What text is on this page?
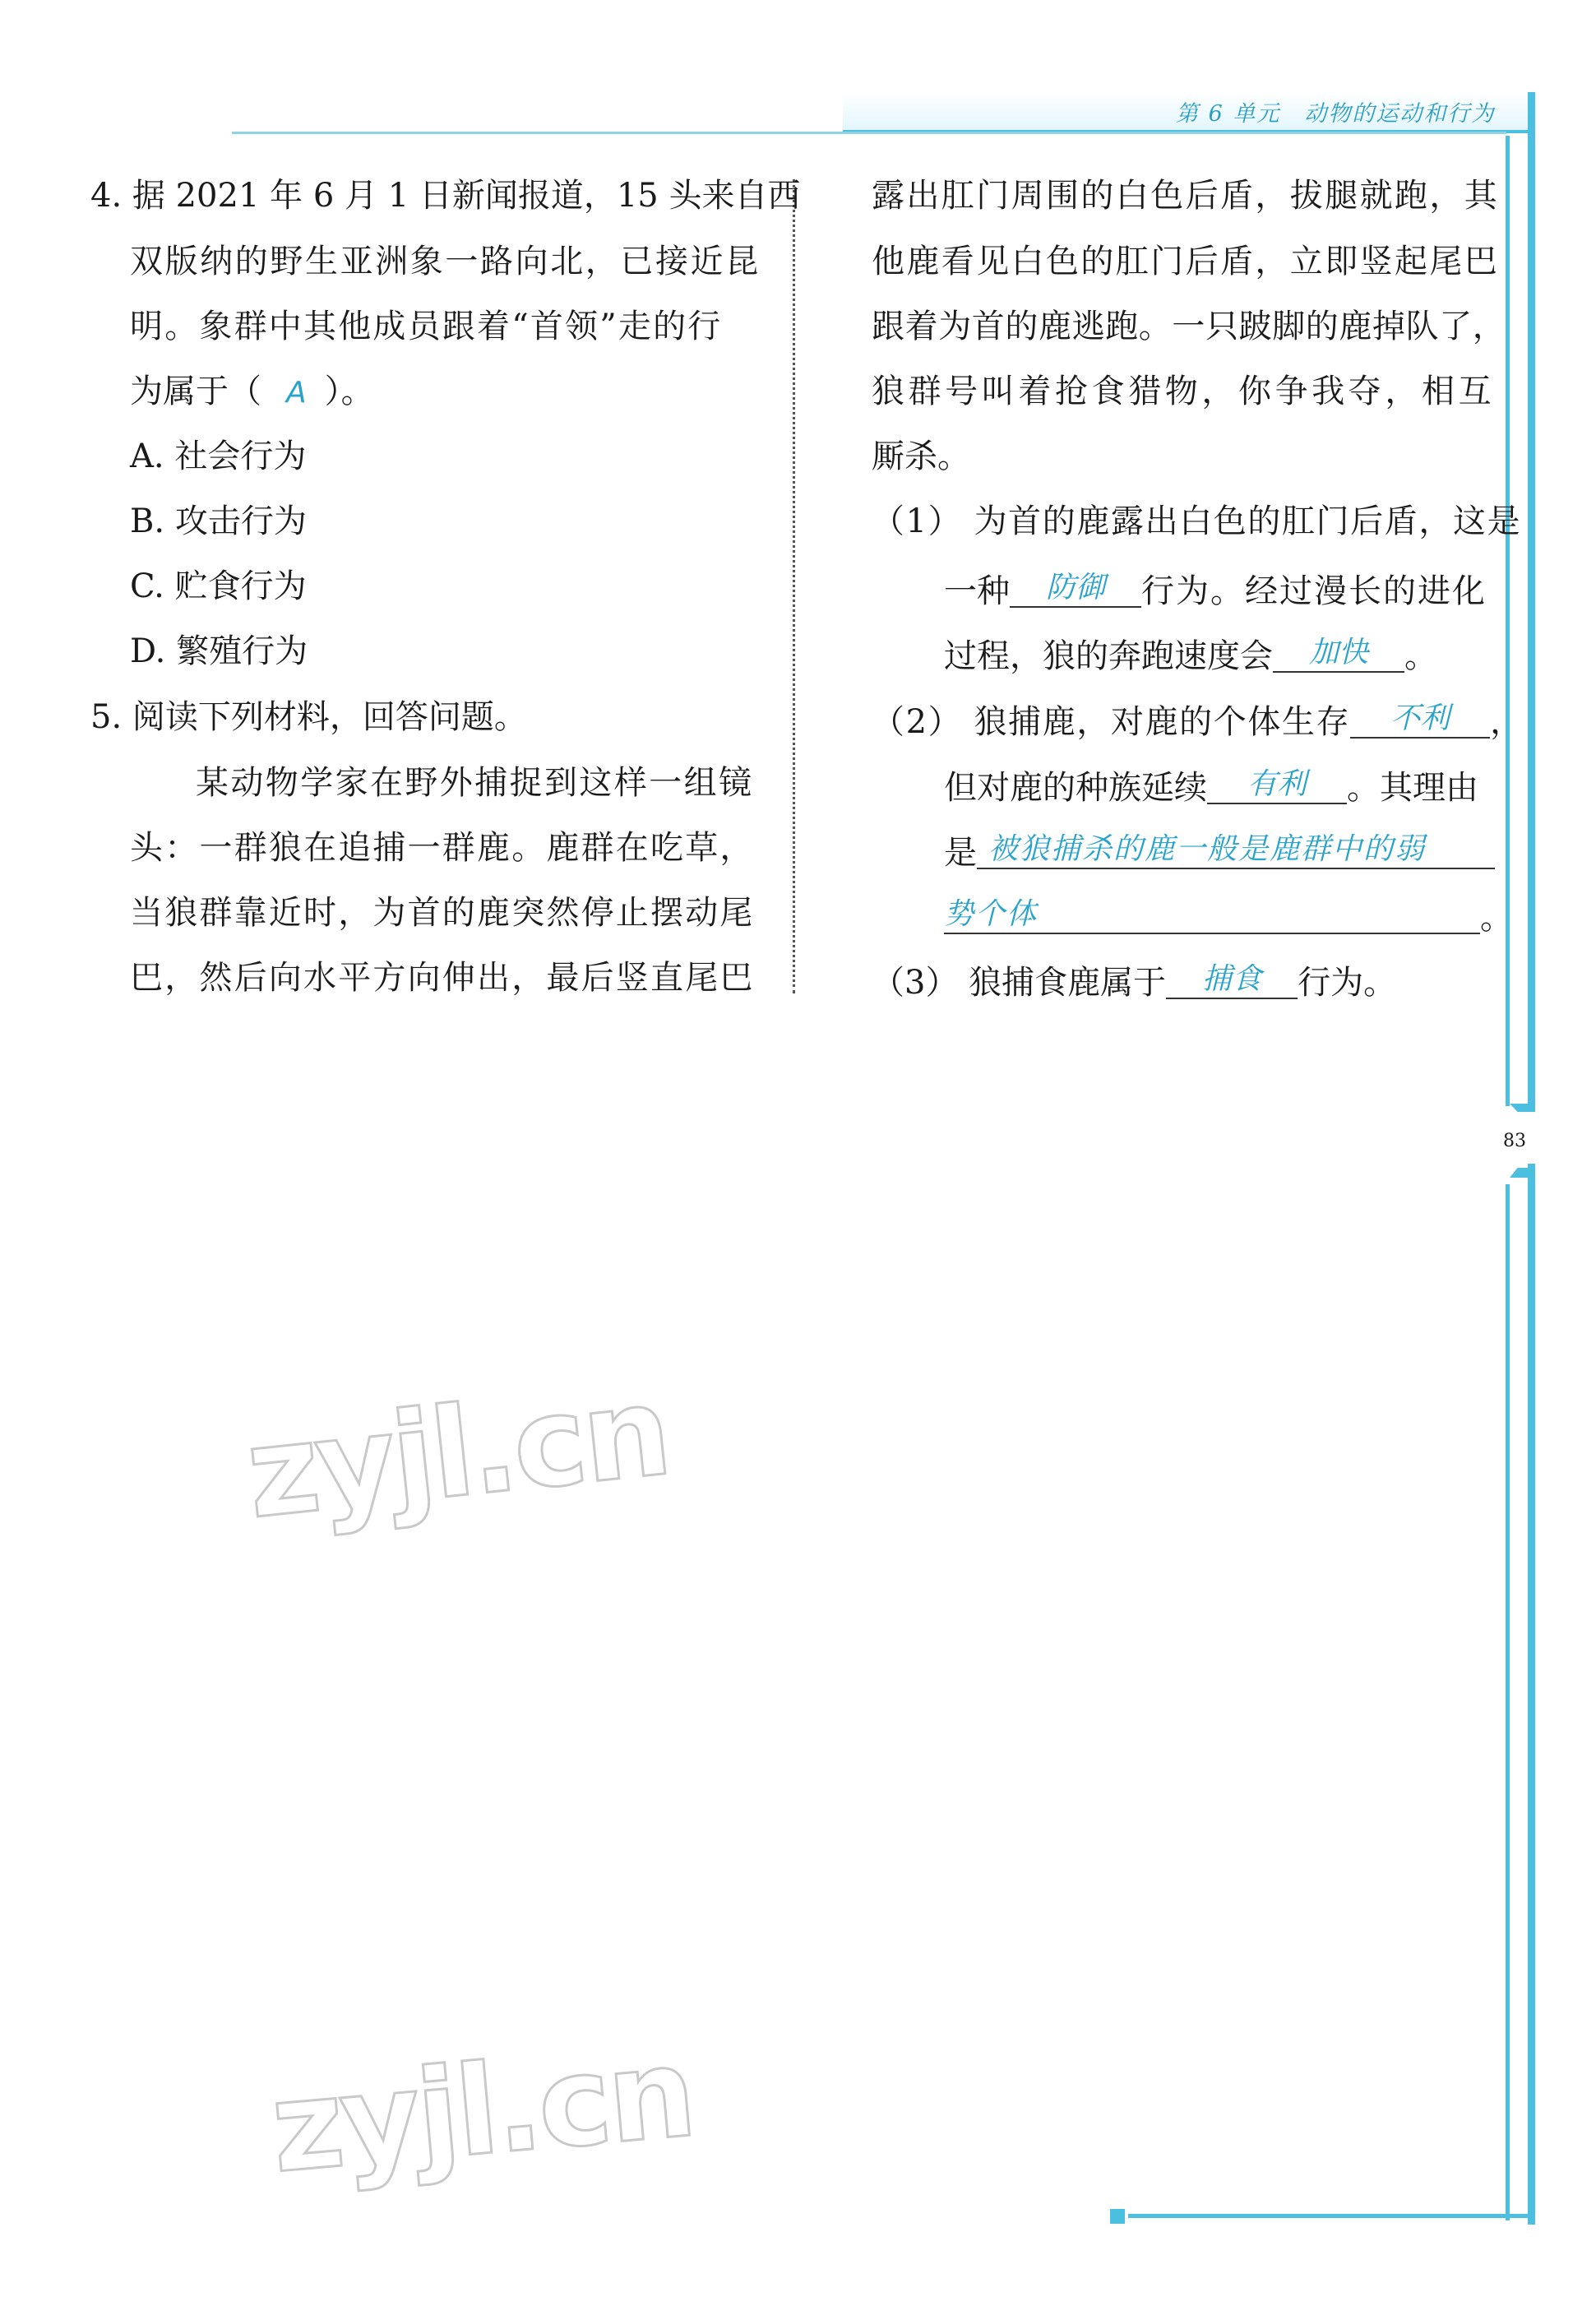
第 6 单元　动物的运动和行为
83
4. 据 2021 年 6 月 1 日新闻报道，15 头来自西
双版纳的野生亚洲象一路向北，已接近昆
明。象群中其他成员跟着“首领”走的行
为属于（ A ）。
A. 社会行为
B. 攻击行为
C. 贮食行为
D. 繁殖行为
5. 阅读下列材料，回答问题。
某动物学家在野外捕捉到这样一组镜
头：一群狼在追捕一群鹿。鹿群在吃草，
当狼群靠近时，为首的鹿突然停止摆动尾
巴，然后向水平方向伸出，最后竖直尾巴
露出肛门周围的白色后盾，拔腿就跑，其
他鹿看见白色的肛门后盾，立即竖起尾巴
跟着为首的鹿逃跑。一只跛脚的鹿掉队了，
狼群号叫着抢食猎物，你争我夺，相互
厮杀。
（1） 为首的鹿露出白色的肛门后盾，这是
一种 防御 行为。经过漫长的进化
过程，狼的奔跑速度会 加快 。
（2） 狼捕鹿，对鹿的个体生存 不利 ，
但对鹿的种族延续 有利 。其理由
是 被狼捕杀的鹿一般是鹿群中的弱
势个体	。
（3） 狼捕食鹿属于 捕食 行为。
zyjl.cn
zyjl.cn
